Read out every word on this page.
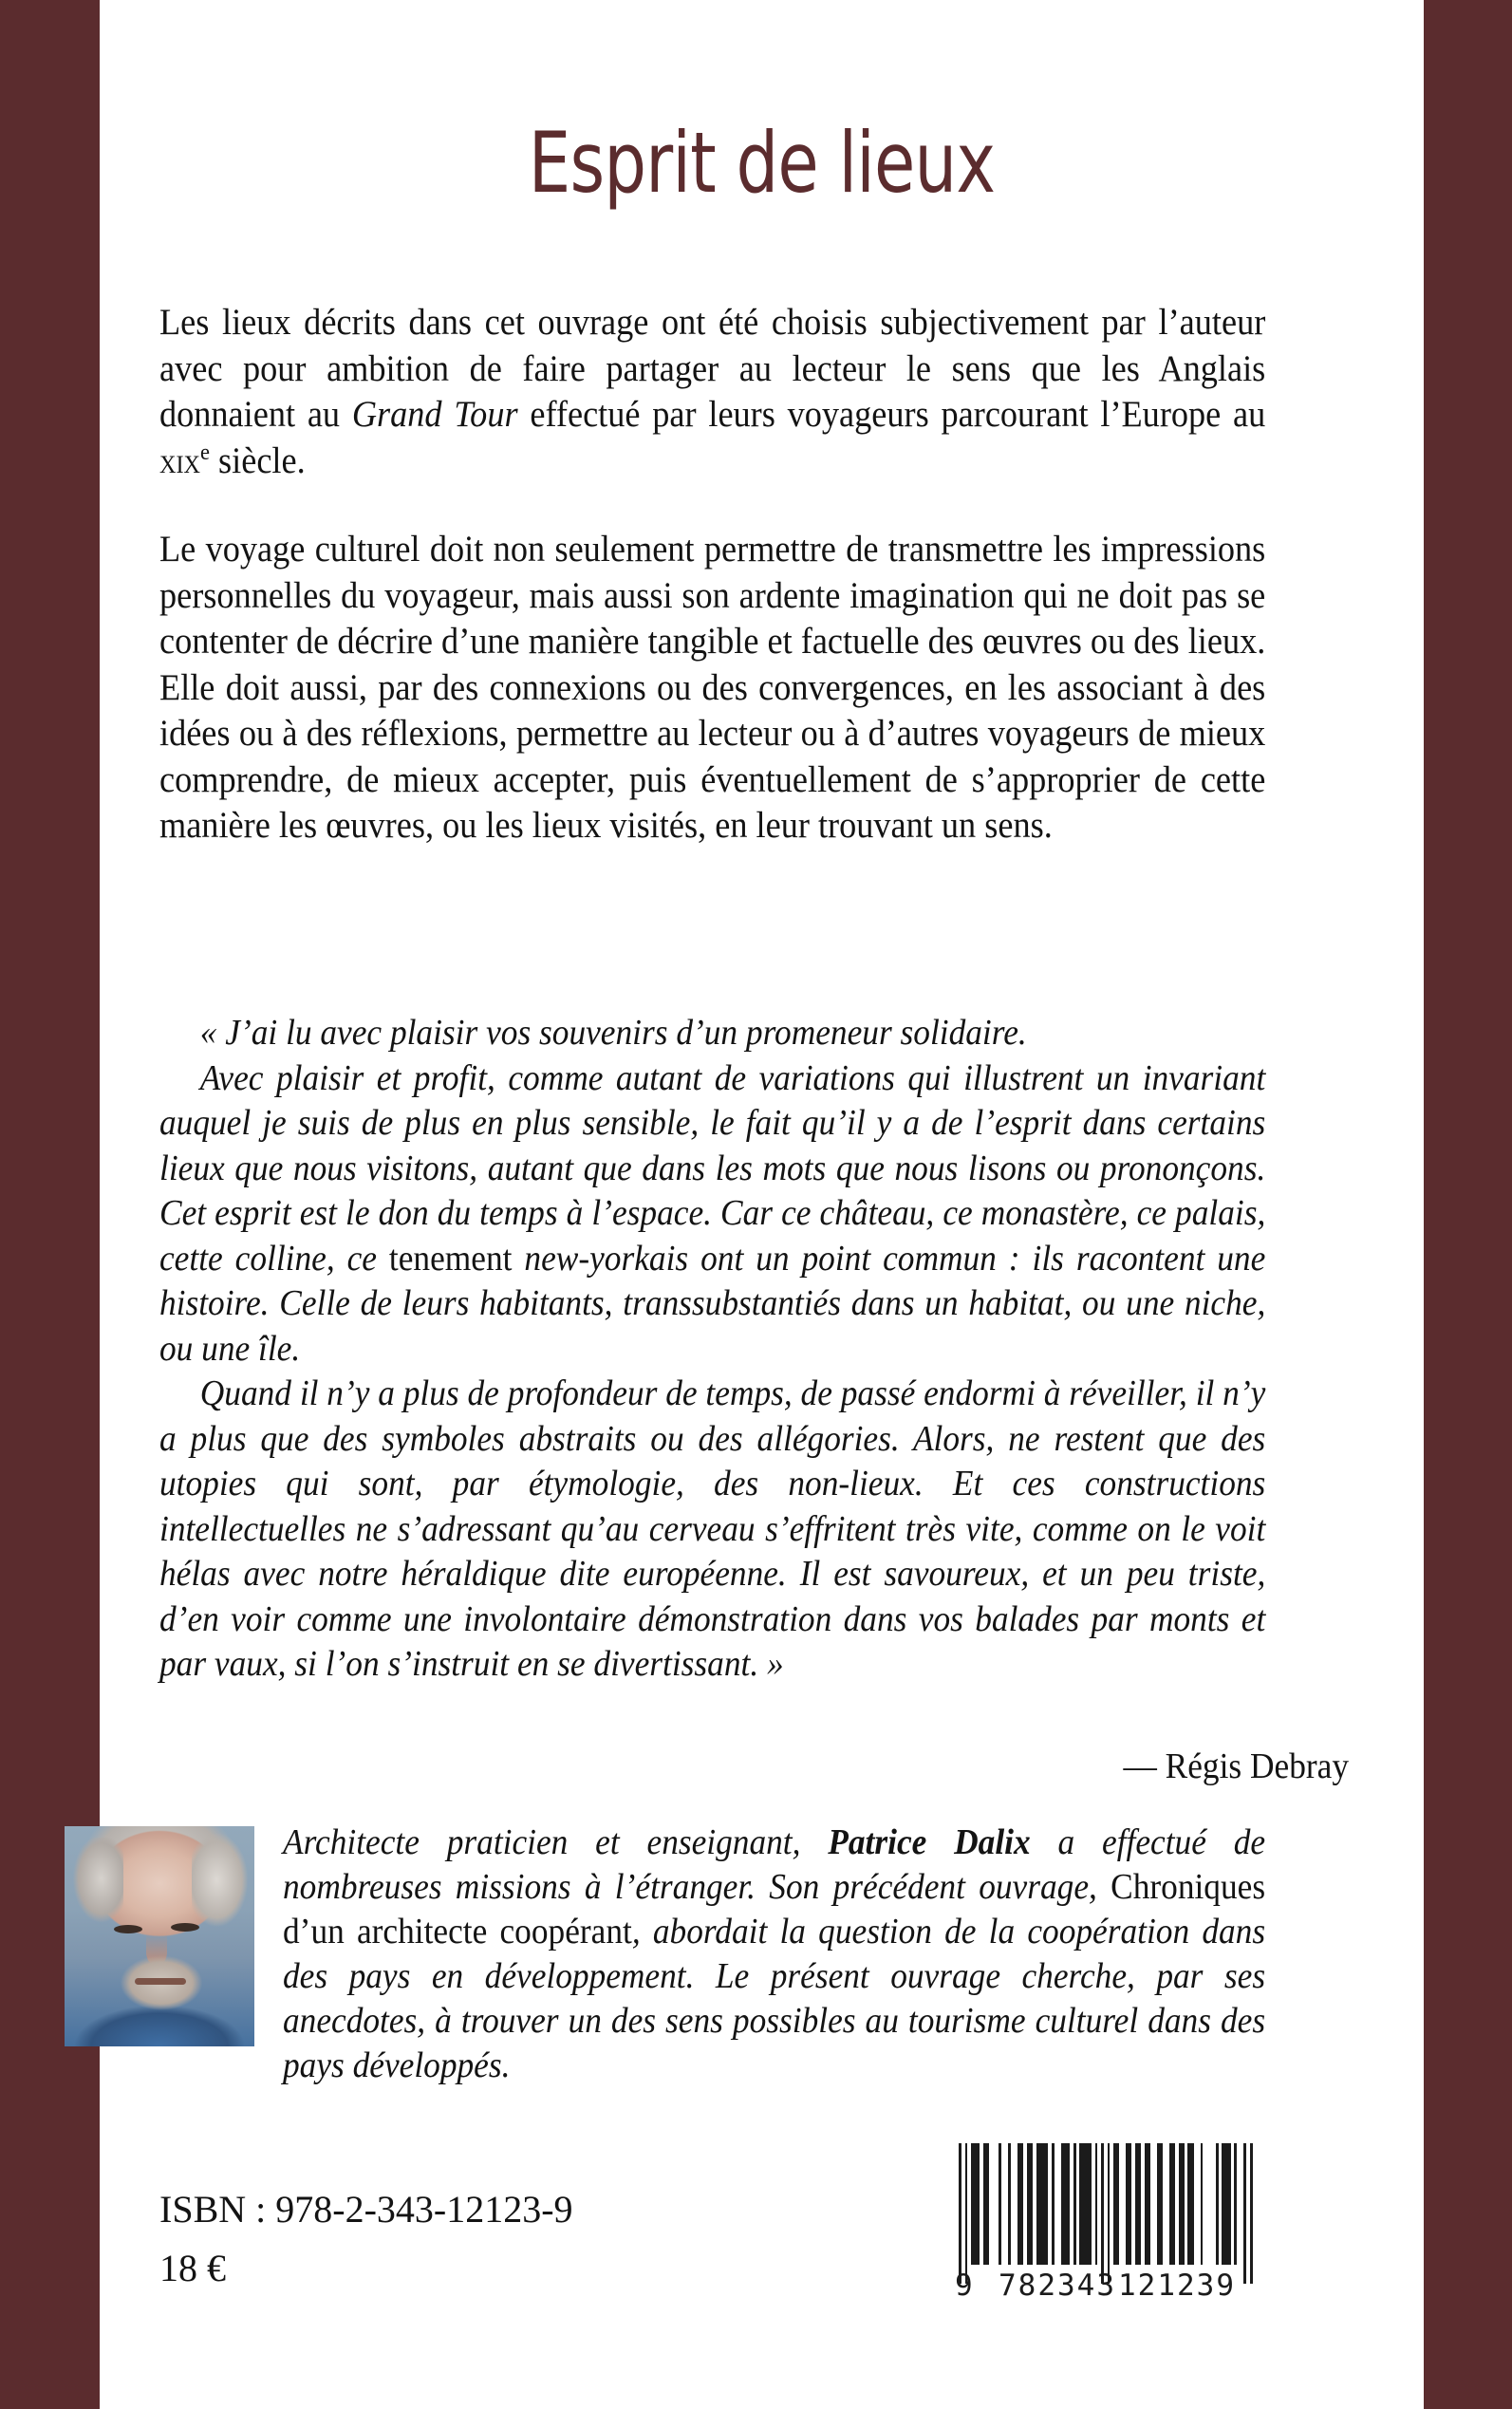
Esprit de lieux

Les lieux décrits dans cet ouvrage ont été choisis subjectivement par l’auteur avec pour ambition de faire partager au lecteur le sens que les Anglais donnaient au Grand Tour effectué par leurs voyageurs parcourant l’Europe au xix$^e$ siècle.

Le voyage culturel doit non seulement permettre de transmettre les impressions personnelles du voyageur, mais aussi son ardente imagination qui ne doit pas se contenter de décrire d’une manière tangible et factuelle des œuvres ou des lieux. Elle doit aussi, par des connexions ou des convergences, en les associant à des idées ou à des réflexions, permettre au lecteur ou à d’autres voyageurs de mieux comprendre, de mieux accepter, puis éventuellement de s’approprier de cette manière les œuvres, ou les lieux visités, en leur trouvant un sens.

« J’ai lu avec plaisir vos souvenirs d’un promeneur solidaire.

Avec plaisir et profit, comme autant de variations qui illustrent un invariant auquel je suis de plus en plus sensible, le fait qu’il y a de l’esprit dans certains lieux que nous visitons, autant que dans les mots que nous lisons ou prononçons. Cet esprit est le don du temps à l’espace. Car ce château, ce monastère, ce palais, cette colline, ce tenement new-yorkais ont un point commun : ils racontent une histoire. Celle de leurs habitants, transsubstantiés dans un habitat, ou une niche, ou une île.

Quand il n’y a plus de profondeur de temps, de passé endormi à réveiller, il n’y a plus que des symboles abstraits ou des allégories. Alors, ne restent que des utopies qui sont, par étymologie, des non-lieux. Et ces constructions intellectuelles ne s’adressant qu’au cerveau s’effritent très vite, comme on le voit hélas avec notre héraldique dite européenne. Il est savoureux, et un peu triste, d’en voir comme une involontaire démonstration dans vos balades par monts et par vaux, si l’on s’instruit en se divertissant. »

— Régis Debray
Architecte praticien et enseignant, Patrice Dalix a effectué de nombreuses missions à l’étranger. Son précédent ouvrage, Chroniques d’un architecte coopérant, abordait la question de la coopération dans des pays en développement. Le présent ouvrage cherche, par ses anecdotes, à trouver un des sens possibles au tourisme culturel dans des pays développés.
ISBN : 978-2-343-12123-9
18 €	9 782343 121239
